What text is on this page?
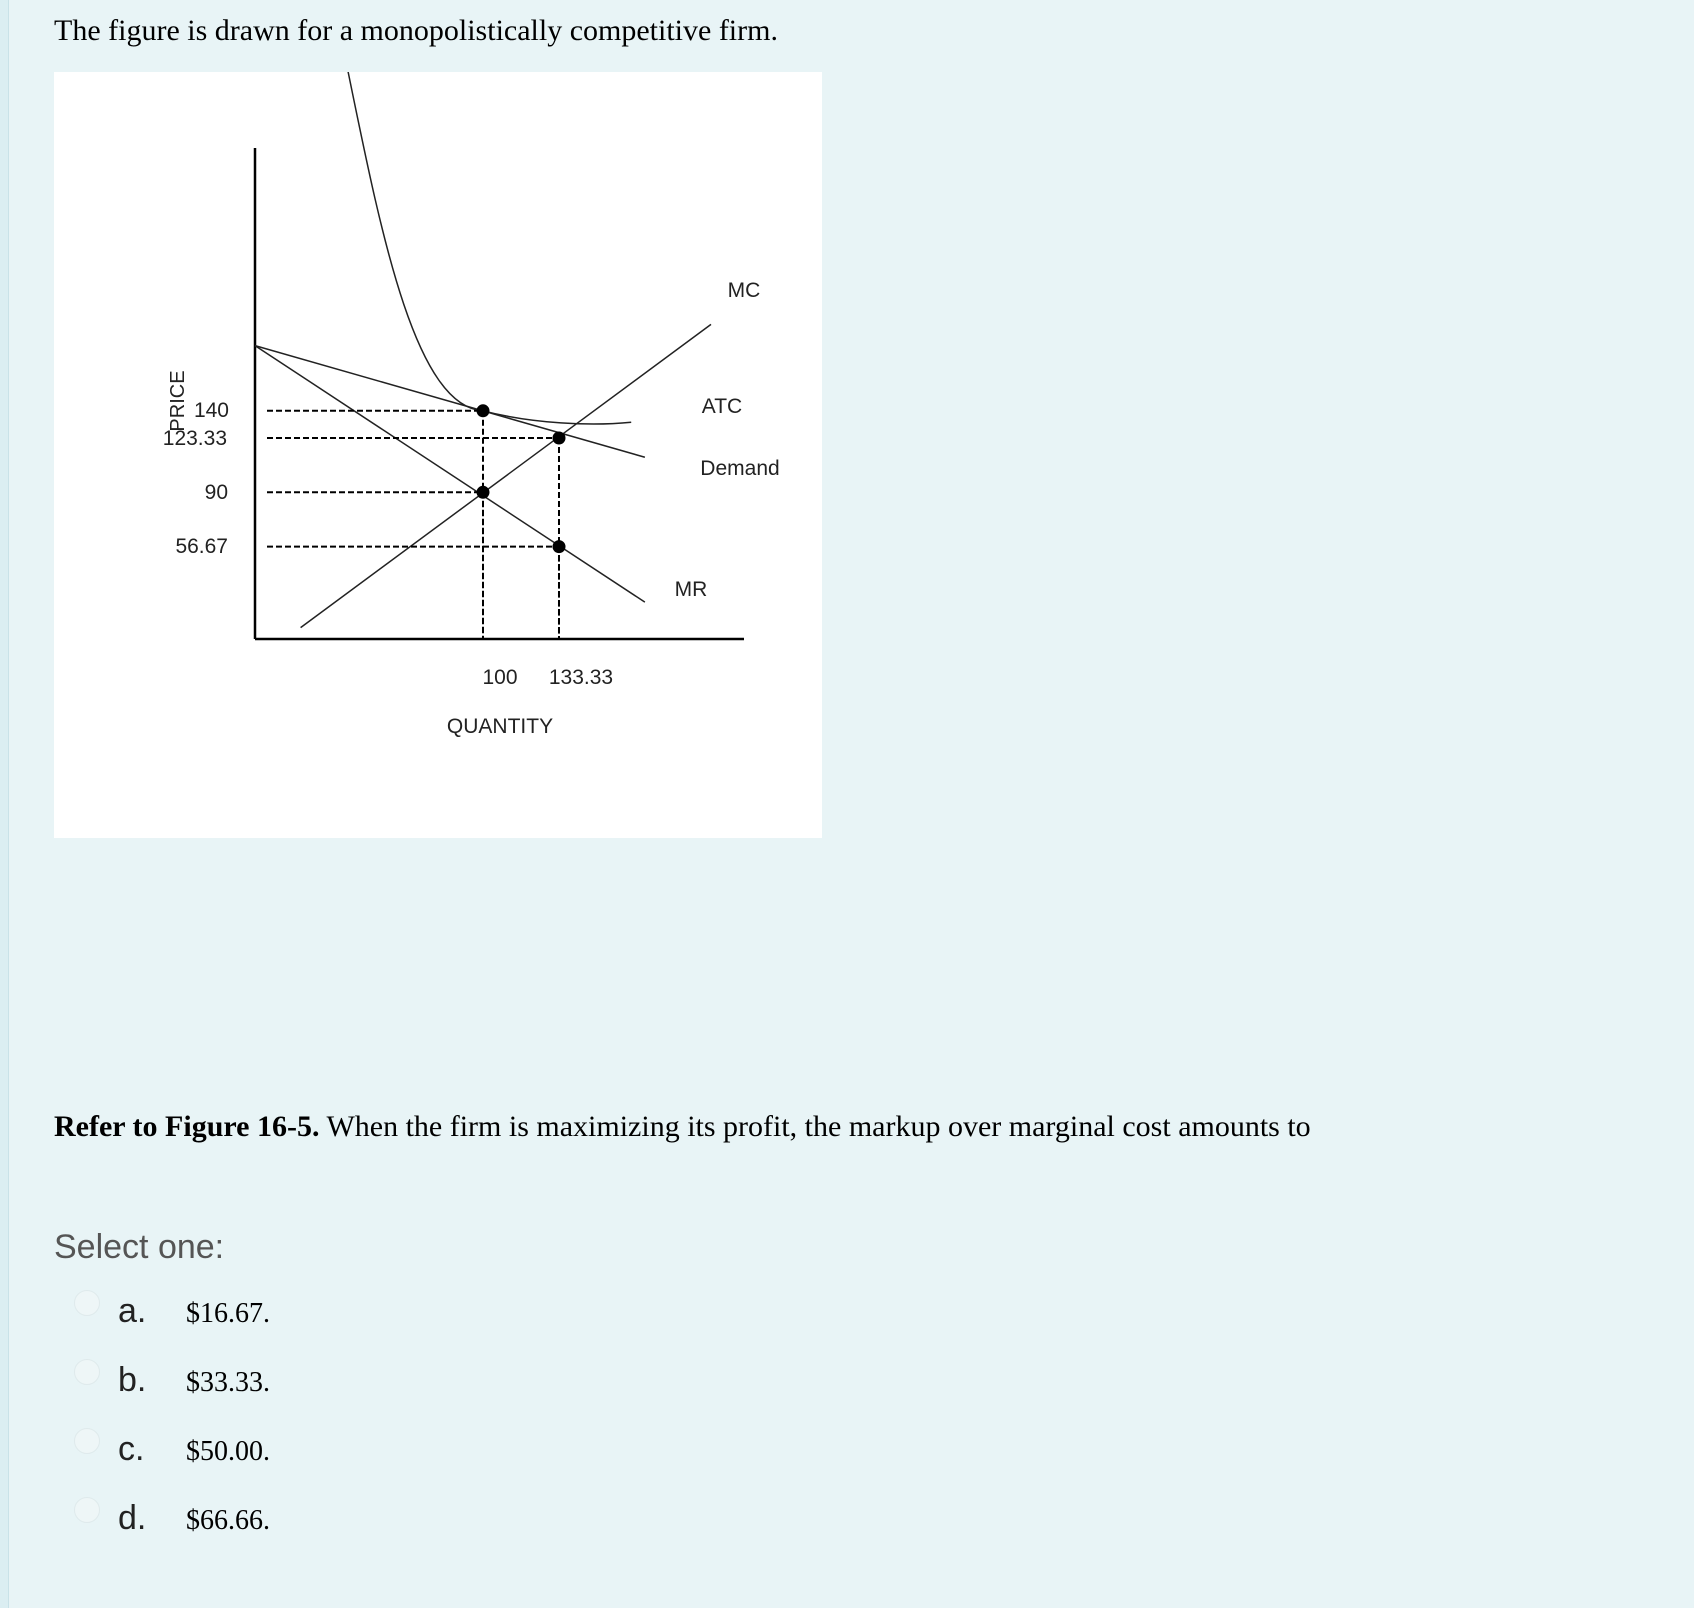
The figure is drawn for a monopolistically competitive firm.

PRICE
QUANTITY
140
123.33
90
56.67
100 133.33
MC
ATC
Demand
MR

Refer to Figure 16-5. When the firm is maximizing its profit, the markup over marginal cost amounts to

Select one:

a. $16.67.
b. $33.33.
c. $50.00.
d. $66.66.
